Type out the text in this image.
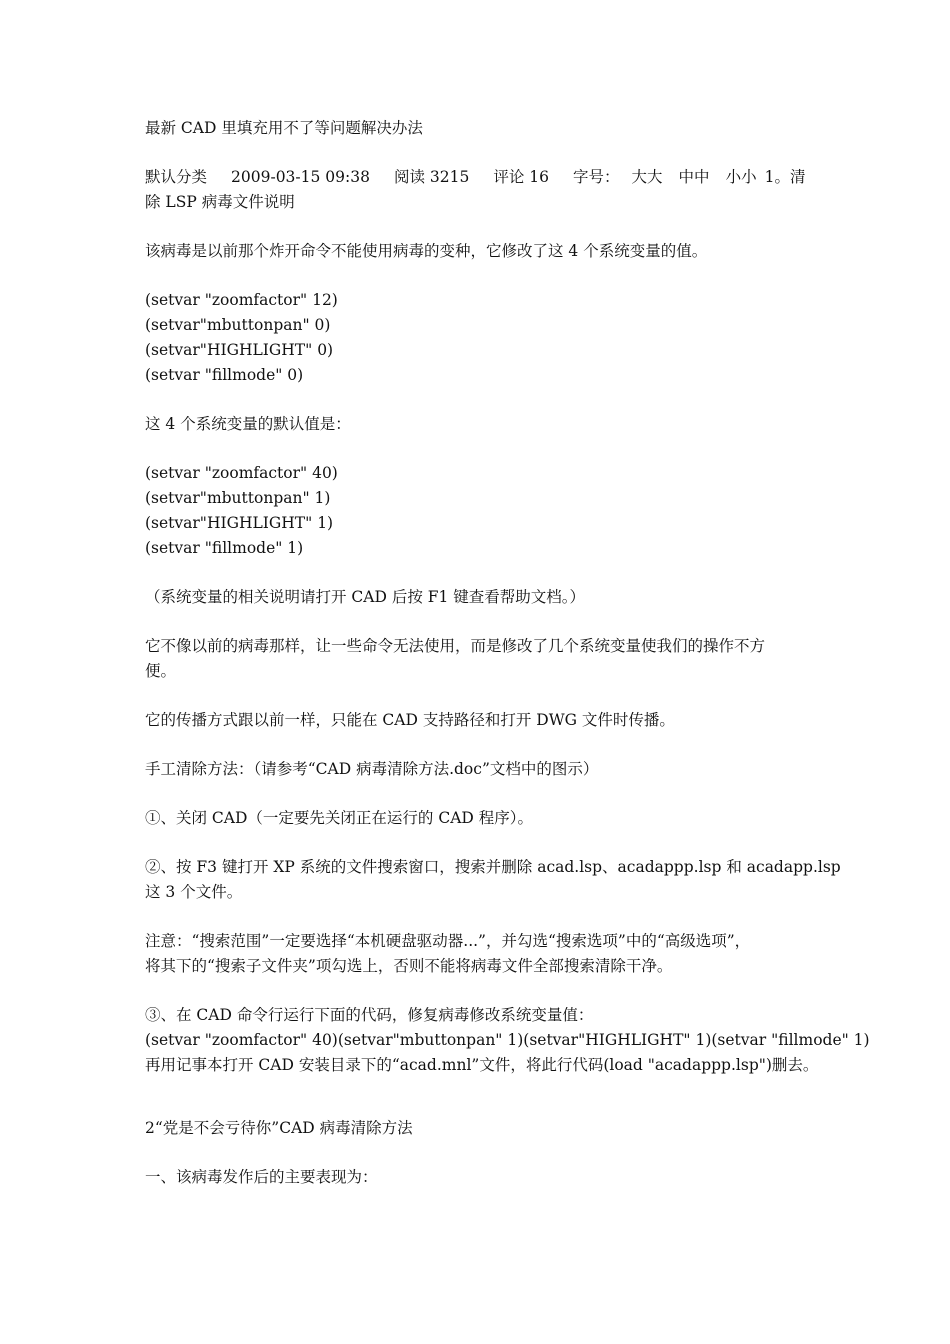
最新 CAD 里填充用不了等问题解决办法

默认分类 2009-03-15 09:38 阅读 3215 评论 16 字号： 大大 中中 小小 1。清 除 LSP 病毒文件说明

该病毒是以前那个炸开命令不能使用病毒的变种，它修改了这 4 个系统变量的值。

(setvar "zoomfactor" 12)
(setvar"mbuttonpan" 0)
(setvar"HIGHLIGHT" 0)
(setvar "fillmode" 0)

这 4 个系统变量的默认值是：

(setvar "zoomfactor" 40)
(setvar"mbuttonpan" 1)
(setvar"HIGHLIGHT" 1)
(setvar "fillmode" 1)

（系统变量的相关说明请打开 CAD 后按 F1 键查看帮助文档。）

它不像以前的病毒那样，让一些命令无法使用，而是修改了几个系统变量使我们的操作不方
便。

它的传播方式跟以前一样，只能在 CAD 支持路径和打开 DWG 文件时传播。

手工清除方法：（请参考“CAD 病毒清除方法.doc”文档中的图示）

①、关闭 CAD（一定要先关闭正在运行的 CAD 程序）。

②、按 F3 键打开 XP 系统的文件搜索窗口，搜索并删除 acad.lsp、acadappp.lsp 和 acadapp.lsp
这 3 个文件。

注意：“搜索范围”一定要选择“本机硬盘驱动器...”，并勾选“搜索选项”中的“高级选项”，
将其下的“搜索子文件夹”项勾选上，否则不能将病毒文件全部搜索清除干净。

③、在 CAD 命令行运行下面的代码，修复病毒修改系统变量值：
(setvar "zoomfactor" 40)(setvar"mbuttonpan" 1)(setvar"HIGHLIGHT" 1)(setvar "fillmode" 1)
再用记事本打开 CAD 安装目录下的“acad.mnl”文件，将此行代码(load "acadappp.lsp")删去。

2“党是不会亏待你”CAD 病毒清除方法

一、该病毒发作后的主要表现为：
